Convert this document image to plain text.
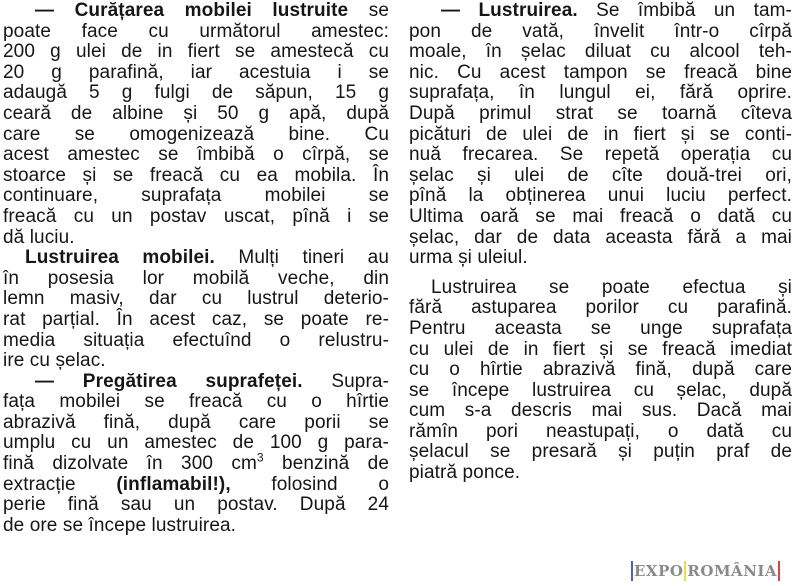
— Curățarea mobilei lustruite se
poate face cu următorul amestec:
200 g ulei de in fiert se amestecă cu
20 g parafină, iar acestuia i se
adaugă 5 g fulgi de săpun, 15 g
ceară de albine și 50 g apă, după
care se omogenizează bine. Cu
acest amestec se îmbibă o cîrpă, se
stoarce și se freacă cu ea mobila. În
continuare, suprafața mobilei se
freacă cu un postav uscat, pînă i se
dă luciu.
Lustruirea mobilei. Mulți tineri au
în posesia lor mobilă veche, din
lemn masiv, dar cu lustrul deterio-
rat parțial. În acest caz, se poate re-
media situația efectuînd o relustru-
ire cu șelac.
— Pregătirea suprafeței. Supra-
fața mobilei se freacă cu o hîrtie
abrazivă fină, după care porii se
umplu cu un amestec de 100 g para-
fină dizolvate în 300 $cm^3$ benzină de
extracție (inflamabil!), folosind o
perie fină sau un postav. După 24
de ore se începe lustruirea.
— Lustruirea. Se îmbibă un tam-
pon de vată, învelit într-o cîrpă
moale, în șelac diluat cu alcool teh-
nic. Cu acest tampon se freacă bine
suprafața, în lungul ei, fără oprire.
După primul strat se toarnă cîteva
picături de ulei de in fiert și se conti-
nuă frecarea. Se repetă operația cu
șelac și ulei de cîte două-trei ori,
pînă la obținerea unui luciu perfect.
Ultima oară se mai freacă o dată cu
șelac, dar de data aceasta fără a mai
urma și uleiul.
Lustruirea se poate efectua și
fără astuparea porilor cu parafină.
Pentru aceasta se unge suprafața
cu ulei de in fiert și se freacă imediat
cu o hîrtie abrazivă fină, după care
se începe lustruirea cu șelac, după
cum s-a descris mai sus. Dacă mai
rămîn pori neastupați, o dată cu
șelacul se presară și puțin praf de
piatră ponce.
EXPO ROMÂNIA
